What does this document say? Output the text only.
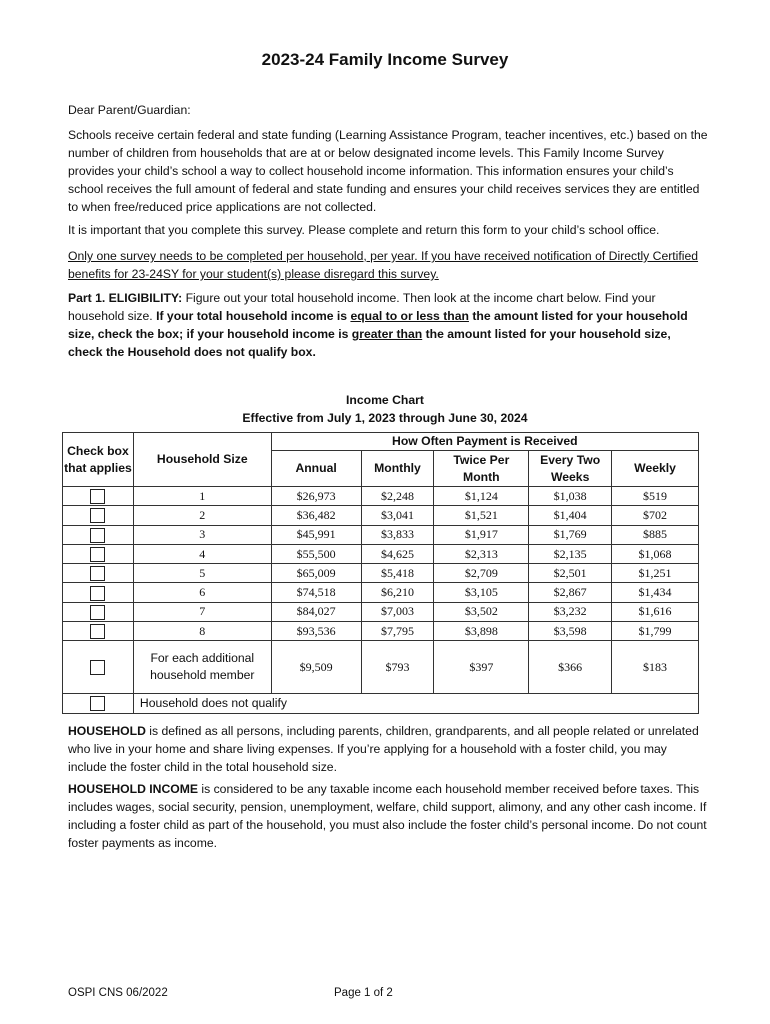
2023-24 Family Income Survey
Dear Parent/Guardian:
Schools receive certain federal and state funding (Learning Assistance Program, teacher incentives, etc.) based on the number of children from households that are at or below designated income levels. This Family Income Survey provides your child’s school a way to collect household income information. This information ensures your child’s school receives the full amount of federal and state funding and ensures your child receives services they are entitled to when free/reduced price applications are not collected.
It is important that you complete this survey. Please complete and return this form to your child’s school office.
Only one survey needs to be completed per household, per year. If you have received notification of Directly Certified benefits for 23-24SY for your student(s) please disregard this survey.
Part 1. ELIGIBILITY: Figure out your total household income. Then look at the income chart below. Find your household size. If your total household income is equal to or less than the amount listed for your household size, check the box; if your household income is greater than the amount listed for your household size, check the Household does not qualify box.
Income Chart
Effective from July 1, 2023 through June 30, 2024
Check box that applies	Household Size	How Often Payment is Received				
		Annual	Monthly	Twice Per Month	Every Two Weeks	Weekly
	1	$26,973	$2,248	$1,124	$1,038	$519
	2	$36,482	$3,041	$1,521	$1,404	$702
	3	$45,991	$3,833	$1,917	$1,769	$885
	4	$55,500	$4,625	$2,313	$2,135	$1,068
	5	$65,009	$5,418	$2,709	$2,501	$1,251
	6	$74,518	$6,210	$3,105	$2,867	$1,434
	7	$84,027	$7,003	$3,502	$3,232	$1,616
	8	$93,536	$7,795	$3,898	$3,598	$1,799
	For each additional household member	$9,509	$793	$397	$366	$183
	Household does not qualify					
HOUSEHOLD is defined as all persons, including parents, children, grandparents, and all people related or unrelated who live in your home and share living expenses. If you’re applying for a household with a foster child, you may include the foster child in the total household size.
HOUSEHOLD INCOME is considered to be any taxable income each household member received before taxes. This includes wages, social security, pension, unemployment, welfare, child support, alimony, and any other cash income. If including a foster child as part of the household, you must also include the foster child’s personal income. Do not count foster payments as income.
OSPI CNS 06/2022	Page 1 of 2
